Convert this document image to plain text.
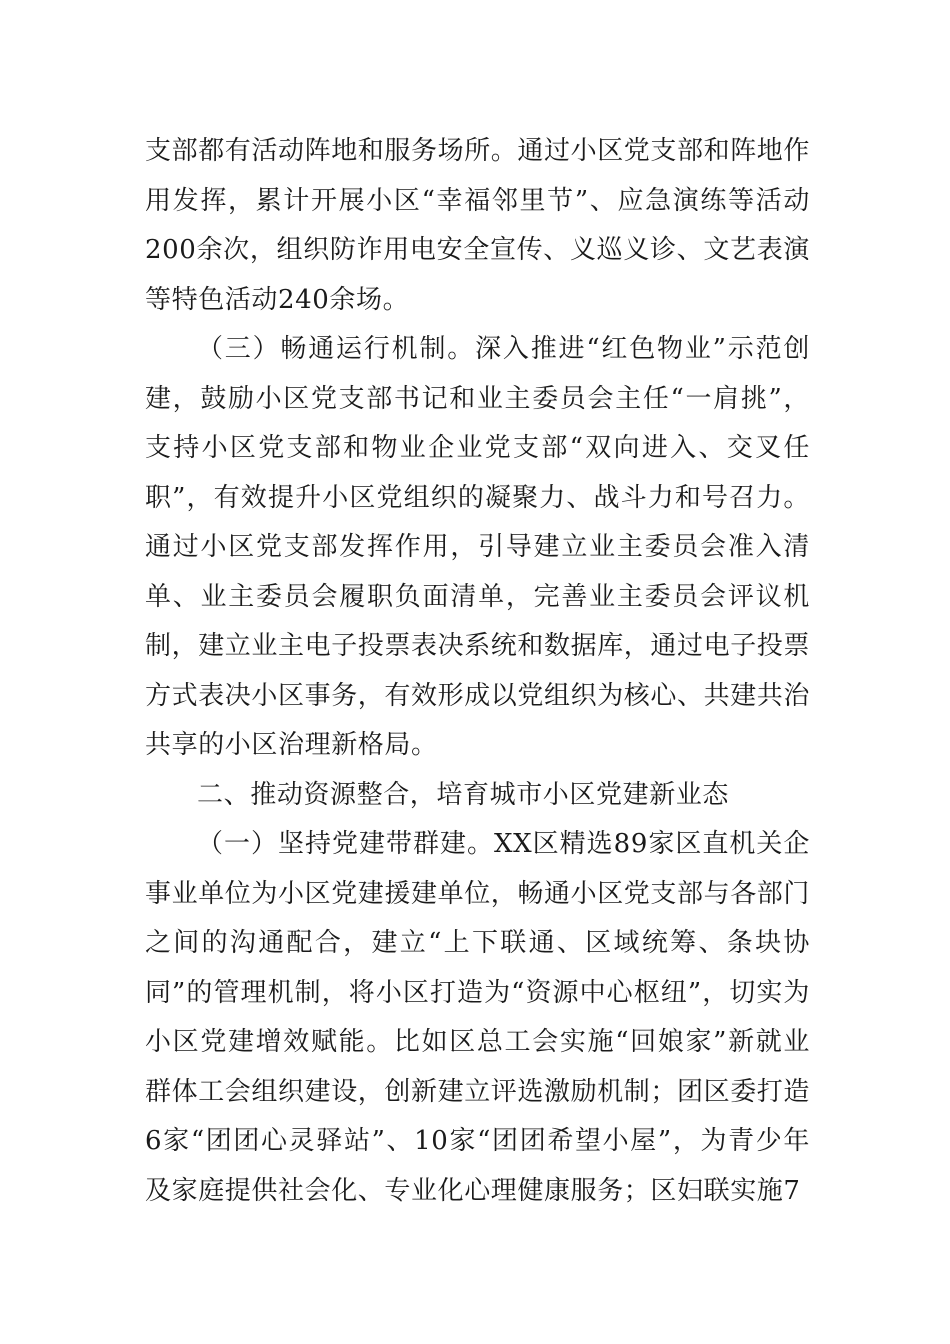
支部都有活动阵地和服务场所。通过小区党支部和阵地作用发挥，累计开展小区“幸福邻里节”、应急演练等活动200余次，组织防诈用电安全宣传、义巡义诊、文艺表演等特色活动240余场。

（三）畅通运行机制。深入推进“红色物业”示范创建，鼓励小区党支部书记和业主委员会主任“一肩挑”，支持小区党支部和物业企业党支部“双向进入、交叉任职”，有效提升小区党组织的凝聚力、战斗力和号召力。通过小区党支部发挥作用，引导建立业主委员会准入清单、业主委员会履职负面清单，完善业主委员会评议机制，建立业主电子投票表决系统和数据库，通过电子投票方式表决小区事务，有效形成以党组织为核心、共建共治共享的小区治理新格局。

二、推动资源整合，培育城市小区党建新业态

（一）坚持党建带群建。XX区精选89家区直机关企事业单位为小区党建援建单位，畅通小区党支部与各部门之间的沟通配合，建立“上下联通、区域统筹、条块协同”的管理机制，将小区打造为“资源中心枢纽”，切实为小区党建增效赋能。比如区总工会实施“回娘家”新就业群体工会组织建设，创新建立评选激励机制；团区委打造6家“团团心灵驿站”、10家“团团希望小屋”，为青少年及家庭提供社会化、专业化心理健康服务；区妇联实施7
